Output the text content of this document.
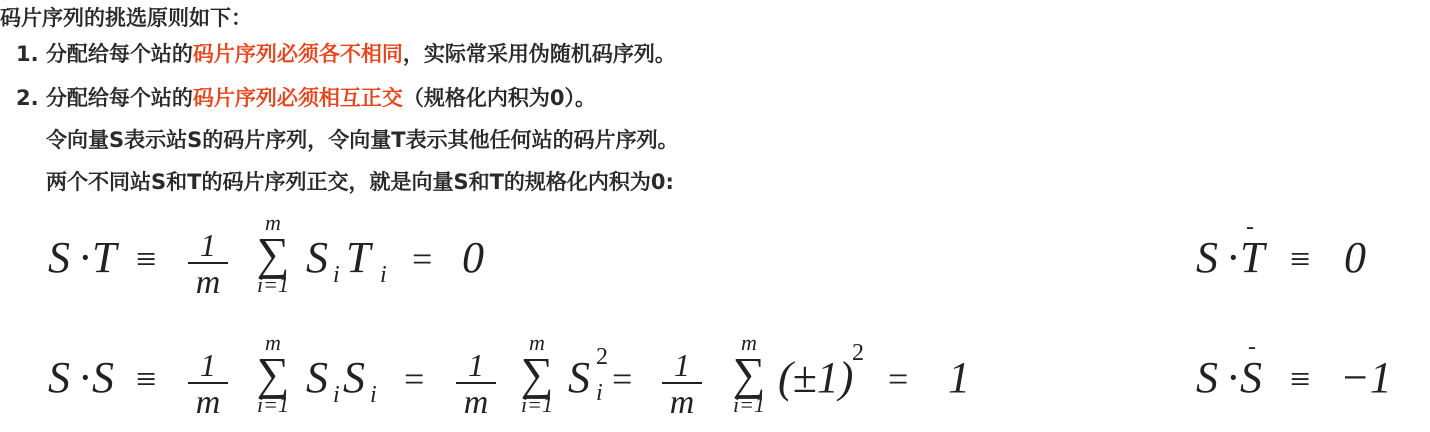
码片序列的挑选原则如下：
1. 分配给每个站的码片序列必须各不相同，实际常采用伪随机码序列。
2. 分配给每个站的码片序列必须相互正交（规格化内积为0）。
令向量S表示站S的码片序列，令向量T表示其他任何站的码片序列。
两个不同站S和T的码片序列正交，就是向量S和T的规格化内积为0:
S · T ≡	1
m
m
∑
i=1
S i T i = 0	S ·
-
T ≡ 0
S · S ≡	1
m
m
∑
i=1
S i S i =	1
m
m
∑
i=1
S 2
i =	1
m
m
∑
i=1
(±1)
2
= 1	S ·
-
S ≡ −1
